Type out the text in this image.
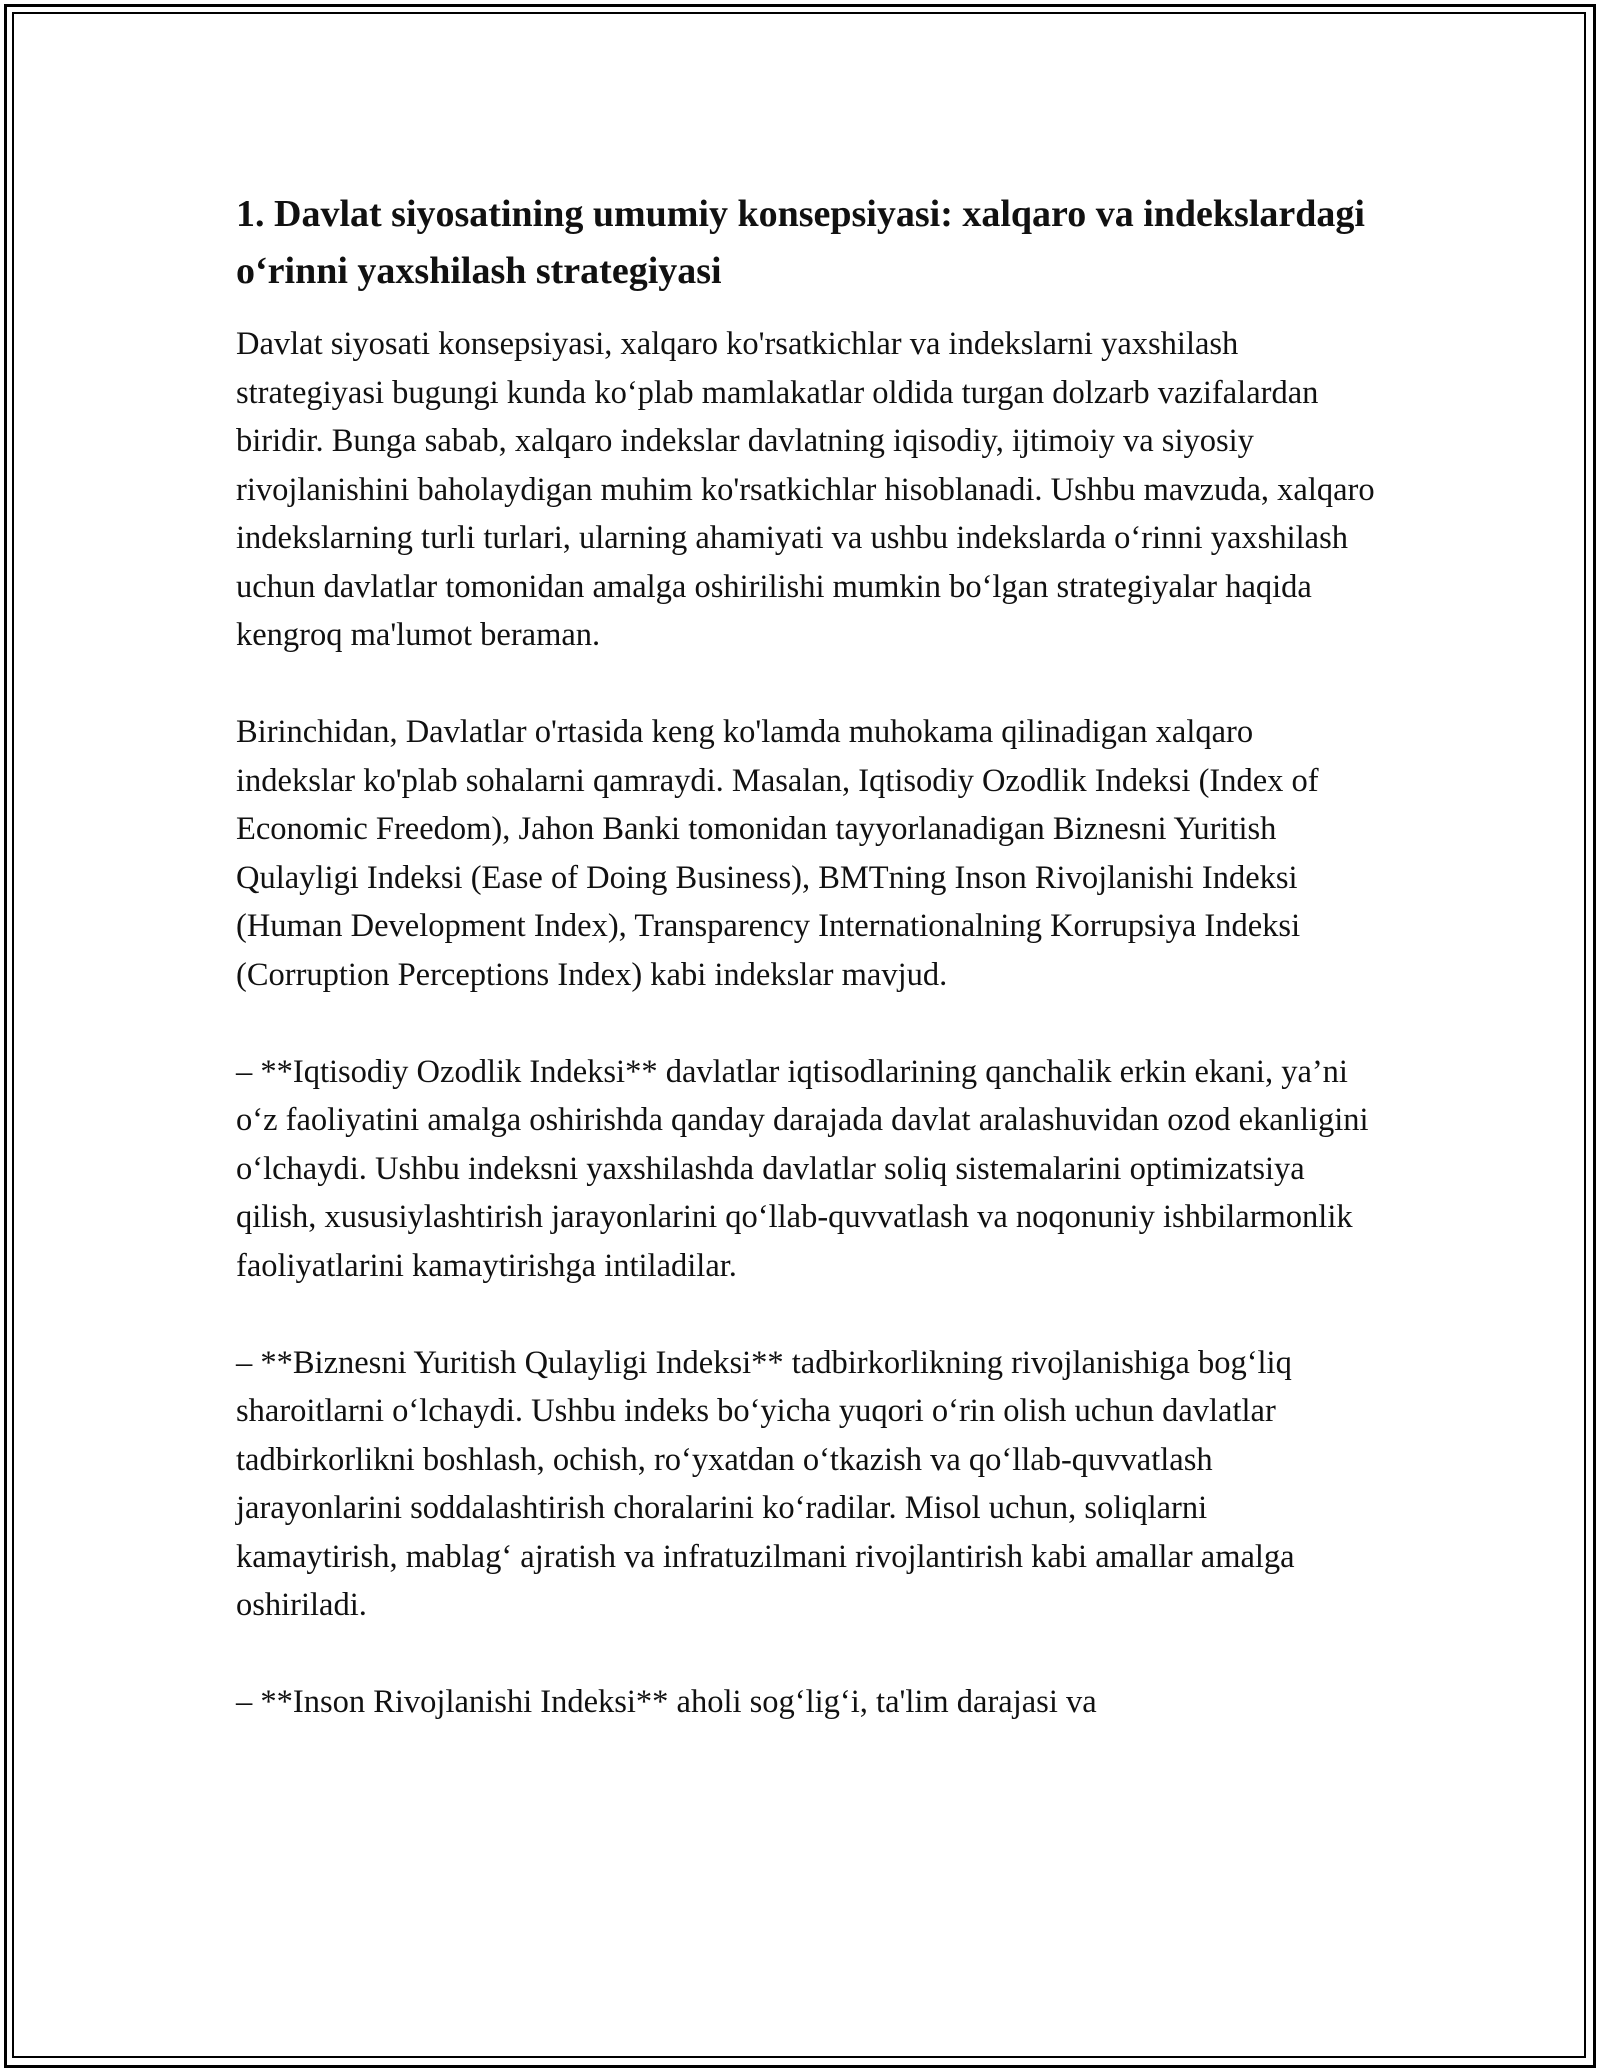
1. Davlat siyosatining umumiy konsepsiyasi: xalqaro va indekslardagi o‘rinni yaxshilash strategiyasi

Davlat siyosati konsepsiyasi, xalqaro ko'rsatkichlar va indekslarni yaxshilash strategiyasi bugungi kunda ko‘plab mamlakatlar oldida turgan dolzarb vazifalardan biridir. Bunga sabab, xalqaro indekslar davlatning iqisodiy, ijtimoiy va siyosiy rivojlanishini baholaydigan muhim ko'rsatkichlar hisoblanadi. Ushbu mavzuda, xalqaro indekslarning turli turlari, ularning ahamiyati va ushbu indekslarda o‘rinni yaxshilash uchun davlatlar tomonidan amalga oshirilishi mumkin bo‘lgan strategiyalar haqida kengroq ma'lumot beraman.

Birinchidan, Davlatlar o'rtasida keng ko'lamda muhokama qilinadigan xalqaro indekslar ko'plab sohalarni qamraydi. Masalan, Iqtisodiy Ozodlik Indeksi (Index of Economic Freedom), Jahon Banki tomonidan tayyorlanadigan Biznesni Yuritish Qulayligi Indeksi (Ease of Doing Business), BMTning Inson Rivojlanishi Indeksi (Human Development Index), Transparency Internationalning Korrupsiya Indeksi (Corruption Perceptions Index) kabi indekslar mavjud.

– **Iqtisodiy Ozodlik Indeksi** davlatlar iqtisodlarining qanchalik erkin ekani, ya’ni o‘z faoliyatini amalga oshirishda qanday darajada davlat aralashuvidan ozod ekanligini o‘lchaydi. Ushbu indeksni yaxshilashda davlatlar soliq sistemalarini optimizatsiya qilish, xususiylashtirish jarayonlarini qo‘llab-quvvatlash va noqonuniy ishbilarmonlik faoliyatlarini kamaytirishga intiladilar.

– **Biznesni Yuritish Qulayligi Indeksi** tadbirkorlikning rivojlanishiga bog‘liq sharoitlarni o‘lchaydi. Ushbu indeks bo‘yicha yuqori o‘rin olish uchun davlatlar tadbirkorlikni boshlash, ochish, ro‘yxatdan o‘tkazish va qo‘llab-quvvatlash jarayonlarini soddalashtirish choralarini ko‘radilar. Misol uchun, soliqlarni kamaytirish, mablag‘ ajratish va infratuzilmani rivojlantirish kabi amallar amalga oshiriladi.

– **Inson Rivojlanishi Indeksi** aholi sog‘lig‘i, ta'lim darajasi va
